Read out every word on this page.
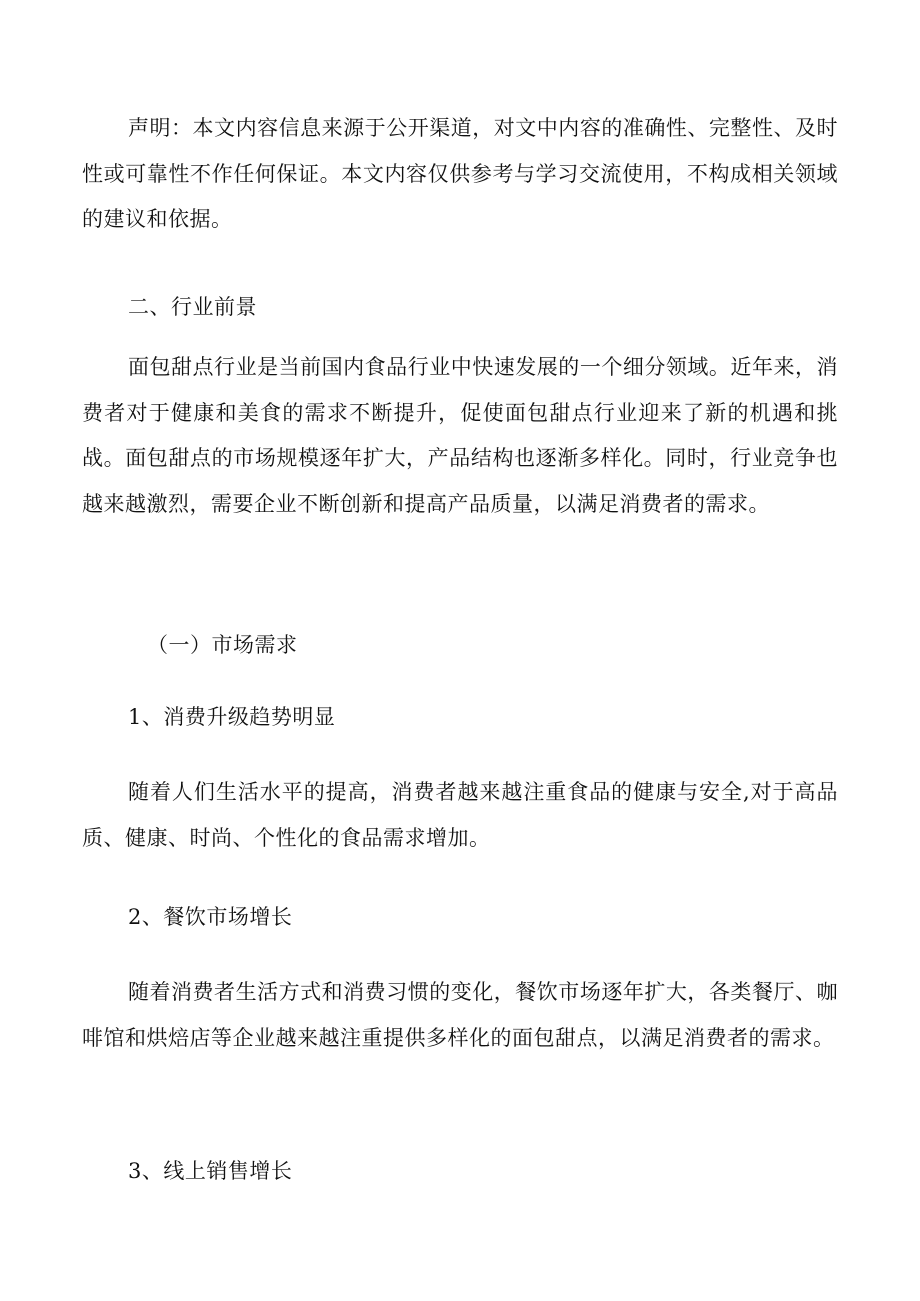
声明：本文内容信息来源于公开渠道，对文中内容的准确性、完整性、及时性或可靠性不作任何保证。本文内容仅供参考与学习交流使用，不构成相关领域的建议和依据。

二、行业前景

面包甜点行业是当前国内食品行业中快速发展的一个细分领域。近年来，消费者对于健康和美食的需求不断提升，促使面包甜点行业迎来了新的机遇和挑战。面包甜点的市场规模逐年扩大，产品结构也逐渐多样化。同时，行业竞争也越来越激烈，需要企业不断创新和提高产品质量，以满足消费者的需求。

（一）市场需求

1、消费升级趋势明显

随着人们生活水平的提高，消费者越来越注重食品的健康与安全,对于高品质、健康、时尚、个性化的食品需求增加。

2、餐饮市场增长

随着消费者生活方式和消费习惯的变化，餐饮市场逐年扩大，各类餐厅、咖啡馆和烘焙店等企业越来越注重提供多样化的面包甜点，以满足消费者的需求。

3、线上销售增长
